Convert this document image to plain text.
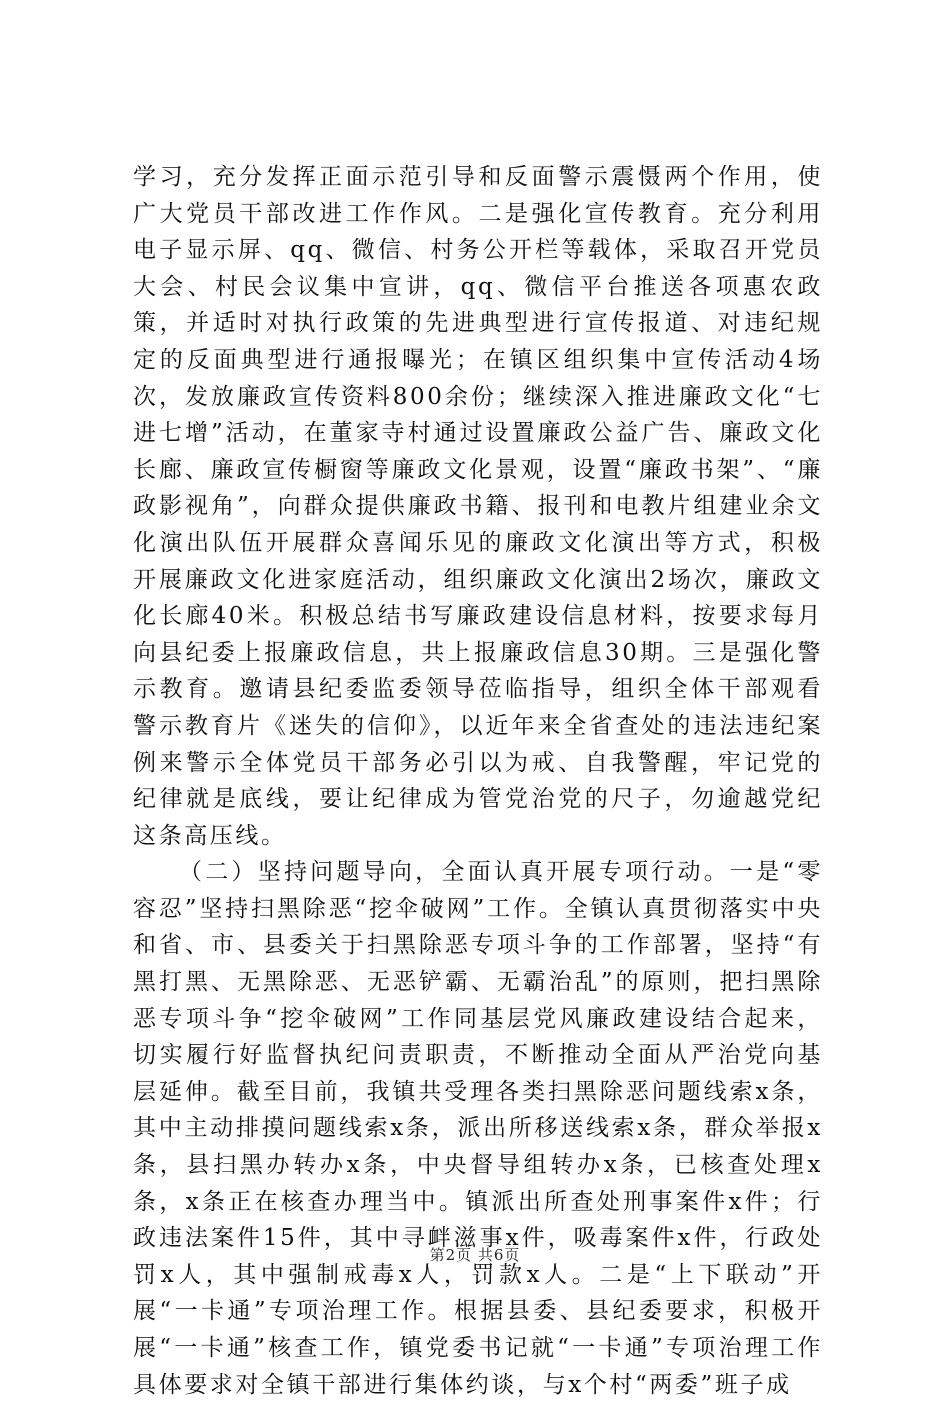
学习，充分发挥正面示范引导和反面警示震慑两个作用，使广大党员干部改进工作作风。二是强化宣传教育。充分利用电子显示屏、qq、微信、村务公开栏等载体，采取召开党员大会、村民会议集中宣讲，qq、微信平台推送各项惠农政策，并适时对执行政策的先进典型进行宣传报道、对违纪规定的反面典型进行通报曝光；在镇区组织集中宣传活动4场次，发放廉政宣传资料800余份；继续深入推进廉政文化“七进七增”活动，在董家寺村通过设置廉政公益广告、廉政文化长廊、廉政宣传橱窗等廉政文化景观，设置“廉政书架”、“廉政影视角”，向群众提供廉政书籍、报刊和电教片组建业余文化演出队伍开展群众喜闻乐见的廉政文化演出等方式，积极开展廉政文化进家庭活动，组织廉政文化演出2场次，廉政文化长廊40米。积极总结书写廉政建设信息材料，按要求每月向县纪委上报廉政信息，共上报廉政信息30期。三是强化警示教育。邀请县纪委监委领导莅临指导，组织全体干部观看警示教育片《迷失的信仰》，以近年来全省查处的违法违纪案例来警示全体党员干部务必引以为戒、自我警醒，牢记党的纪律就是底线，要让纪律成为管党治党的尺子，勿逾越党纪这条高压线。

（二）坚持问题导向，全面认真开展专项行动。一是“零容忍”坚持扫黑除恶“挖伞破网”工作。全镇认真贯彻落实中央和省、市、县委关于扫黑除恶专项斗争的工作部署，坚持“有黑打黑、无黑除恶、无恶铲霸、无霸治乱”的原则，把扫黑除恶专项斗争“挖伞破网”工作同基层党风廉政建设结合起来，切实履行好监督执纪问责职责，不断推动全面从严治党向基层延伸。截至目前，我镇共受理各类扫黑除恶问题线索x条，其中主动排摸问题线索x条，派出所移送线索x条，群众举报x条，县扫黑办转办x条，中央督导组转办x条，已核查处理x条，x条正在核查办理当中。镇派出所查处刑事案件x件；行政违法案件15件，其中寻衅滋事x件，吸毒案件x件，行政处罚x人，其中强制戒毒x人，罚款x人。二是“上下联动”开展“一卡通”专项治理工作。根据县委、县纪委要求，积极开展“一卡通”核查工作，镇党委书记就“一卡通”专项治理工作具体要求对全镇干部进行集体约谈，与x个村“两委”班子成

第2页 共6页
